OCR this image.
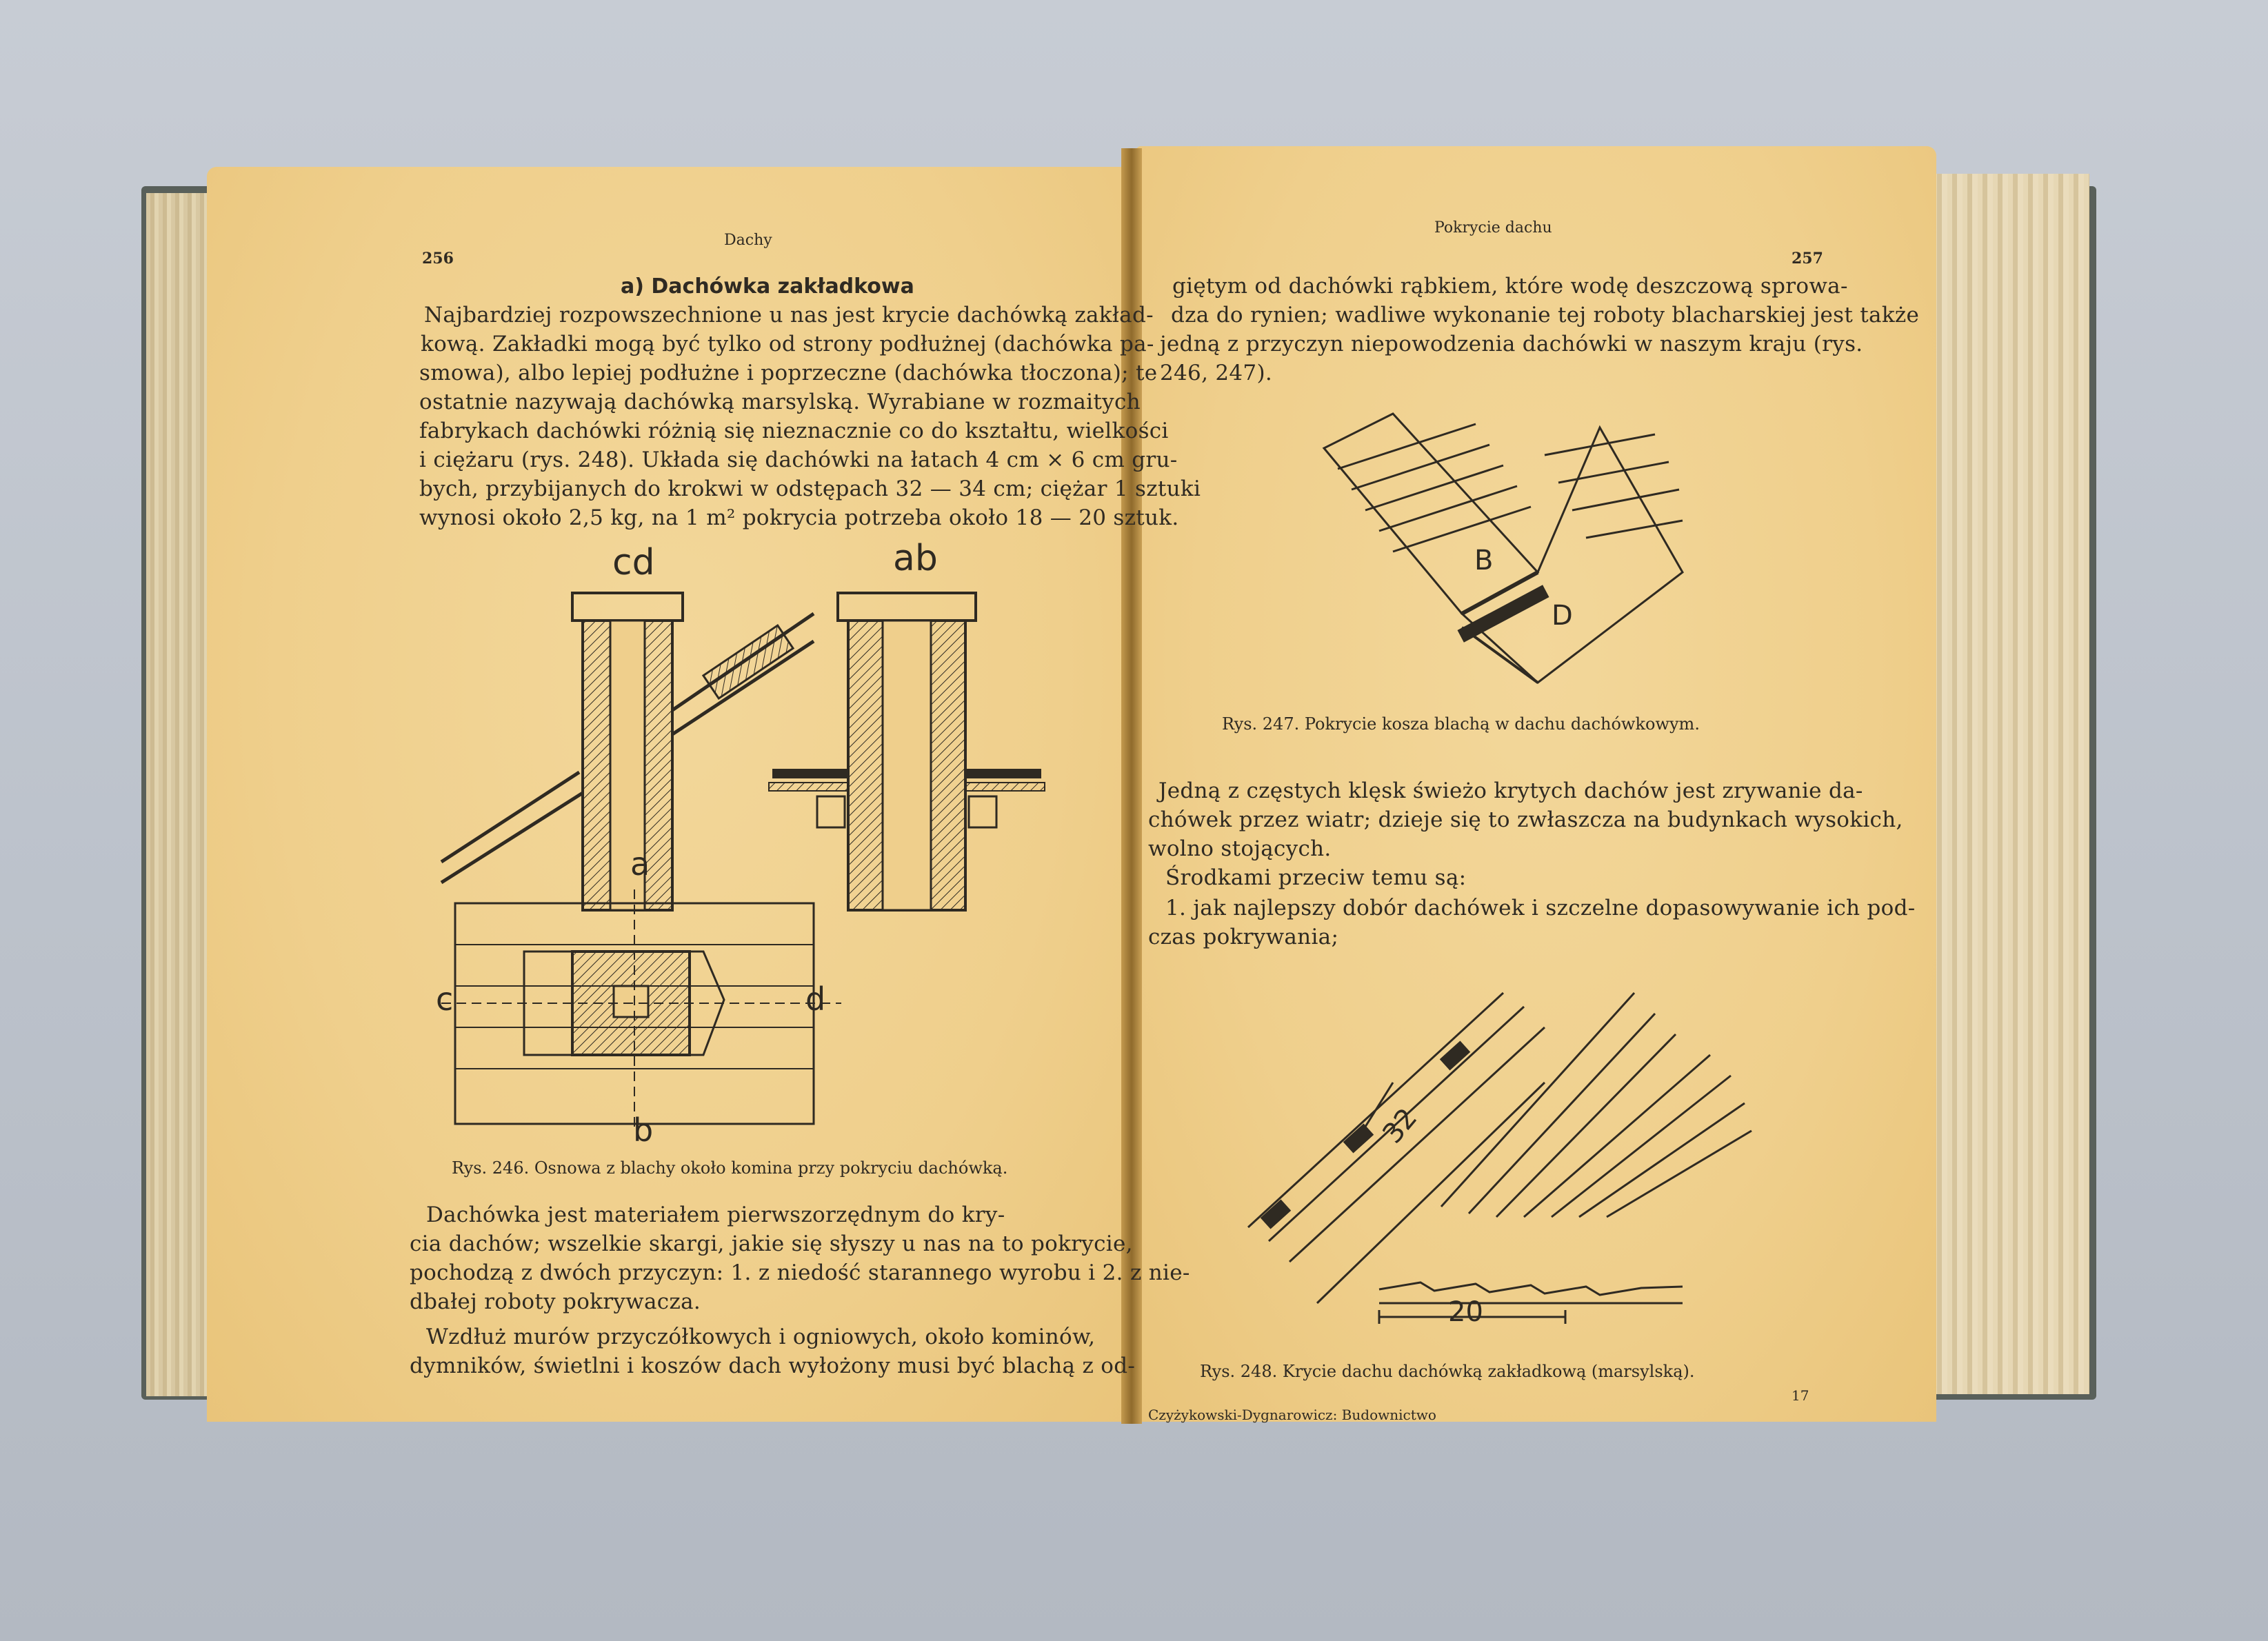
256
Dachy
a) Dachówka zakładkowa
Najbardziej rozpowszechnione u nas jest krycie dachówką zakład-
kową. Zakładki mogą być tylko od strony podłużnej (dachówka pa-
smowa), albo lepiej podłużne i poprzeczne (dachówka tłoczona); te
ostatnie nazywają dachówką marsylską. Wyrabiane w rozmaitych
fabrykach dachówki różnią się nieznacznie co do kształtu, wielkości
i ciężaru (rys. 248). Układa się dachówki na łatach 4 cm × 6 cm gru-
bych, przybijanych do krokwi w odstępach 32 — 34 cm; ciężar 1 sztuki
wynosi około 2,5 kg, na 1 m² pokrycia potrzeba około 18 — 20 sztuk.
cd	ab
a
b
c	d
Rys. 246. Osnowa z blachy około komina przy pokryciu dachówką.
Dachówka jest materiałem pierwszorzędnym do kry-
cia dachów; wszelkie skargi, jakie się słyszy u nas na to pokrycie,
pochodzą z dwóch przyczyn: 1. z niedość starannego wyrobu i 2. z nie-
dbałej roboty pokrywacza.
Wzdłuż murów przyczółkowych i ogniowych, około kominów,
dymników, świetlni i koszów dach wyłożony musi być blachą z od-
Pokrycie dachu
257
giętym od dachówki rąbkiem, które wodę deszczową sprowa-
dza do rynien; wadliwe wykonanie tej roboty blacharskiej jest także
jedną z przyczyn niepowodzenia dachówki w naszym kraju (rys.
246, 247).
B
D
Rys. 247. Pokrycie kosza blachą w dachu dachówkowym.
Jedną z częstych klęsk świeżo krytych dachów jest zrywanie da-
chówek przez wiatr; dzieje się to zwłaszcza na budynkach wysokich,
wolno stojących.
Środkami przeciw temu są:
1. jak najlepszy dobór dachówek i szczelne dopasowywanie ich pod-
czas pokrywania;
32
20
Rys. 248. Krycie dachu dachówką zakładkową (marsylską).
Czyżykowski-Dygnarowicz: Budownictwo
17
